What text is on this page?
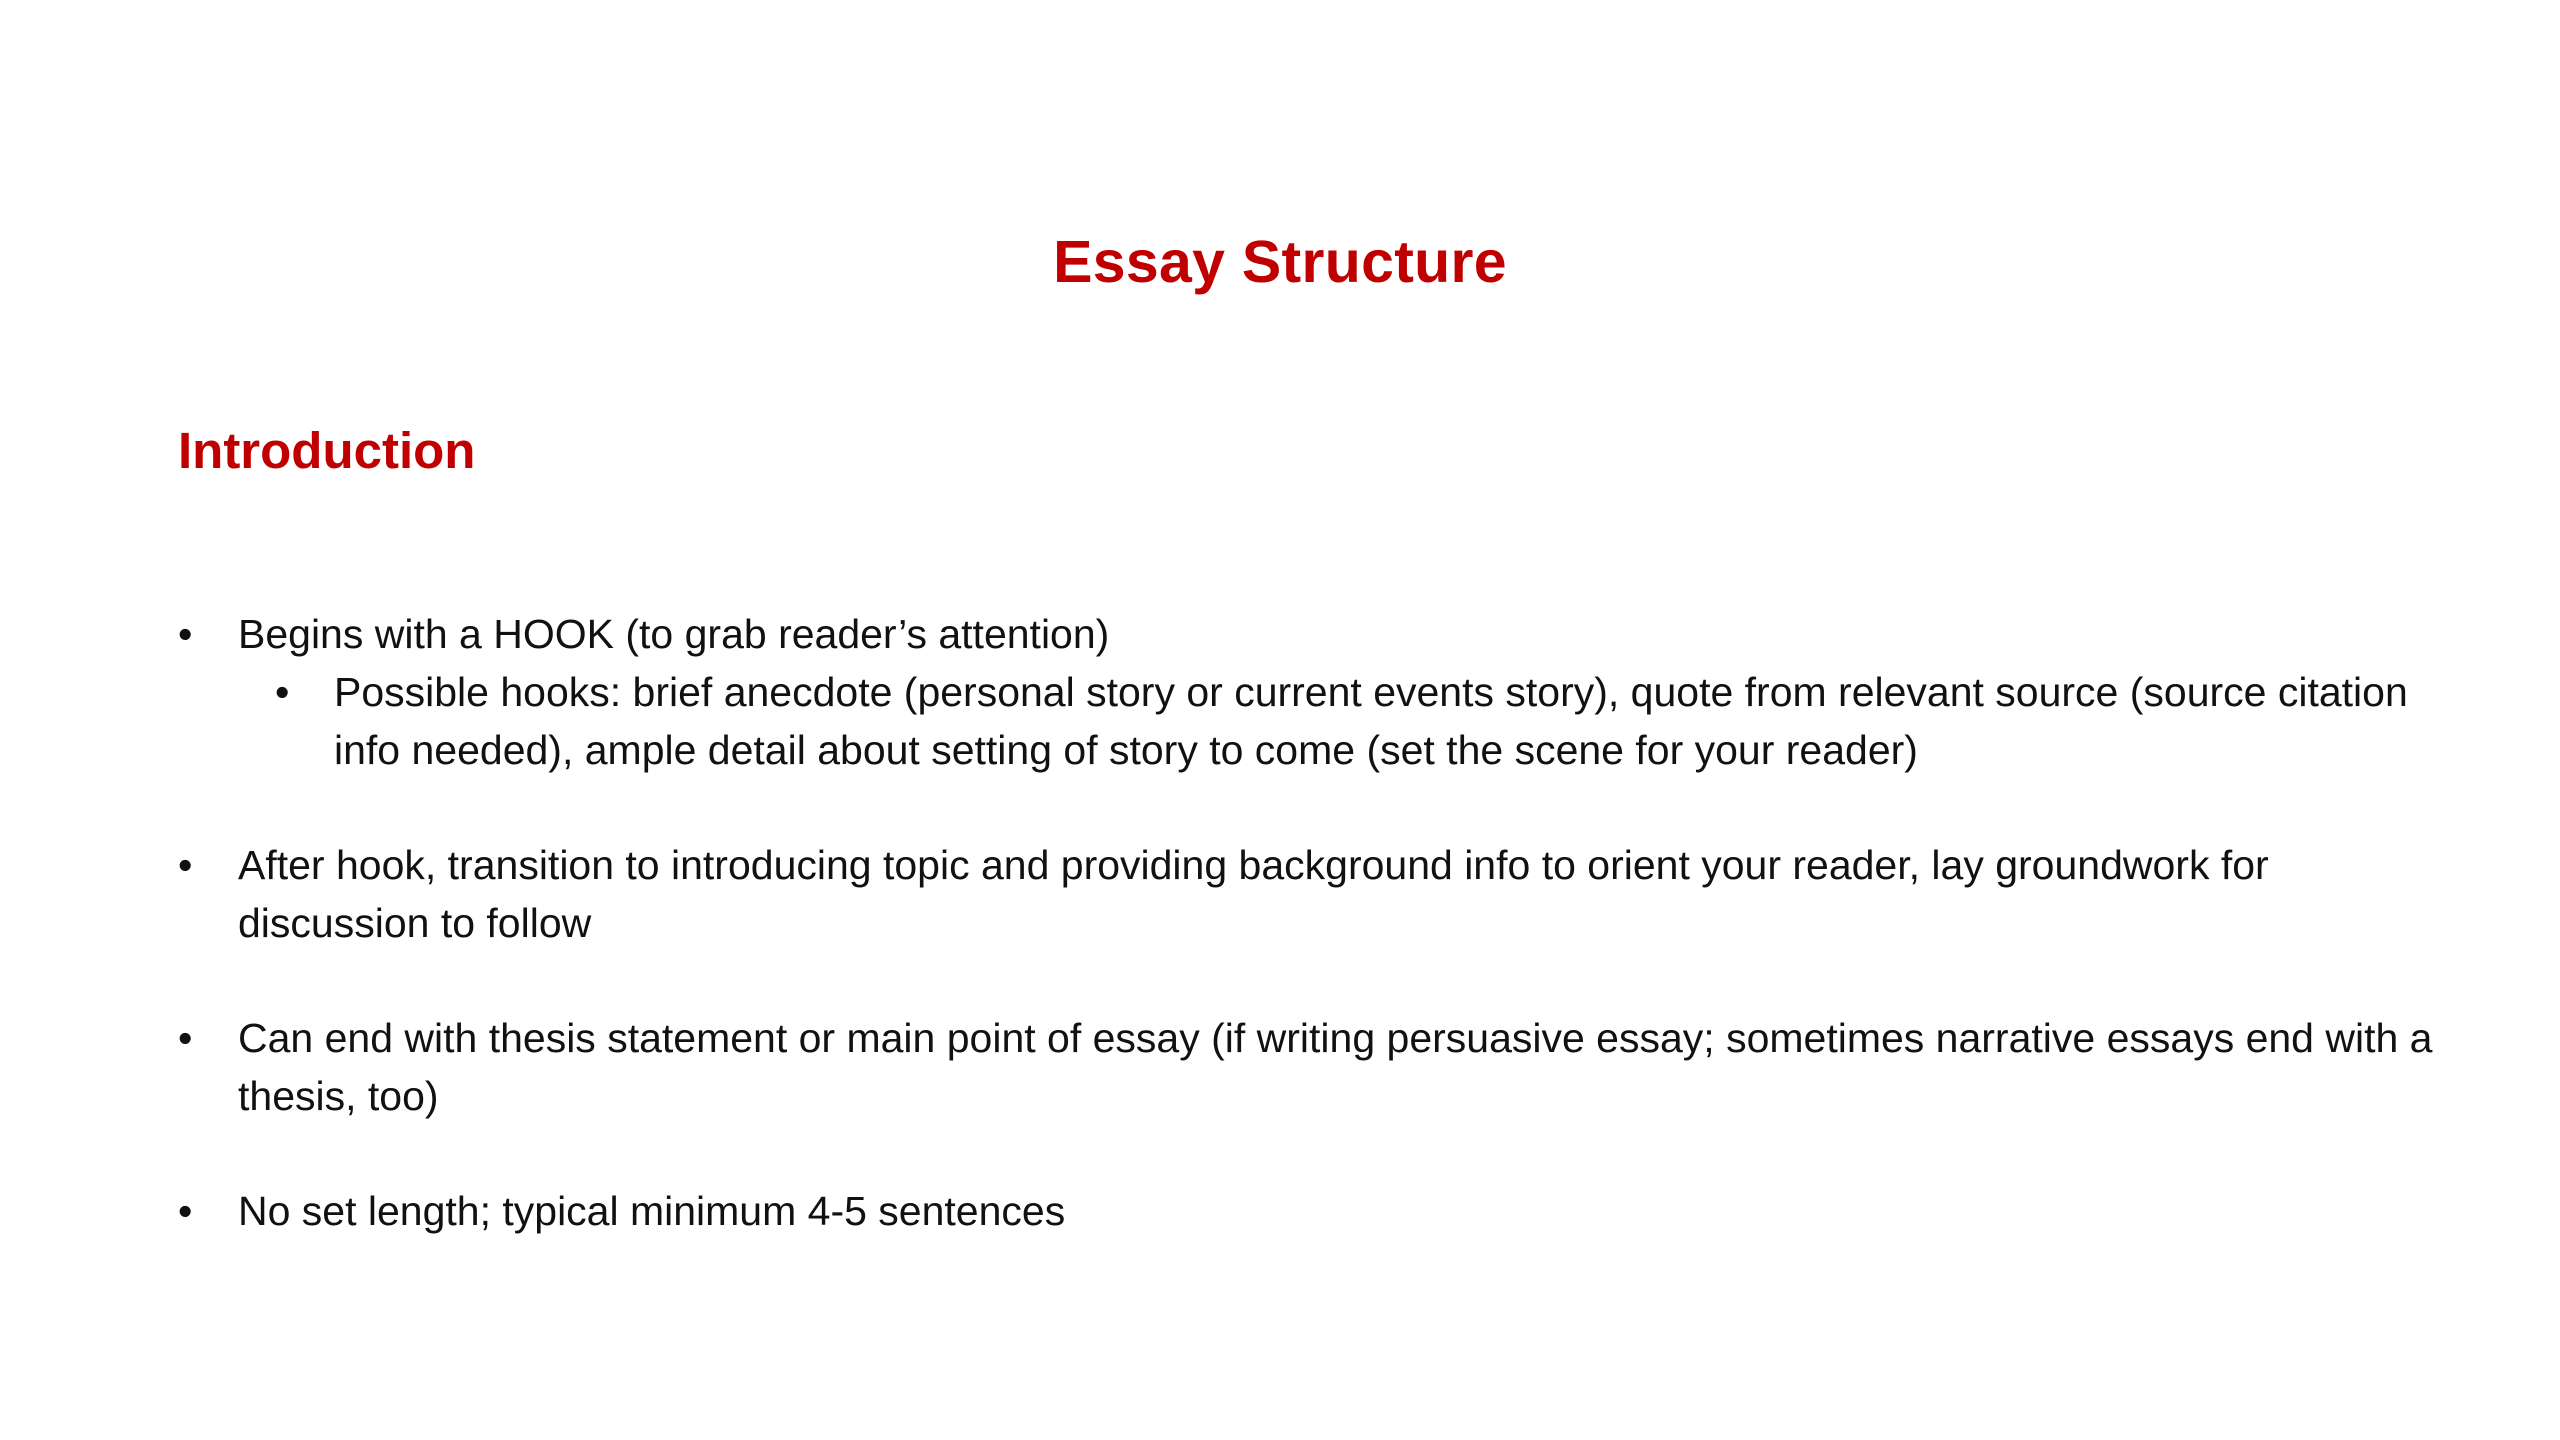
Essay Structure
Introduction
•	Begins with a HOOK (to grab reader’s attention)
•	Possible hooks: brief anecdote (personal story or current events story), quote from relevant source (source citation info needed), ample detail about setting of story to come (set the scene for your reader)
•	After hook, transition to introducing topic and providing background info to orient your reader, lay groundwork for discussion to follow
•	Can end with thesis statement or main point of essay (if writing persuasive essay; sometimes narrative essays end with a thesis, too)
•	No set length; typical minimum 4-5 sentences
